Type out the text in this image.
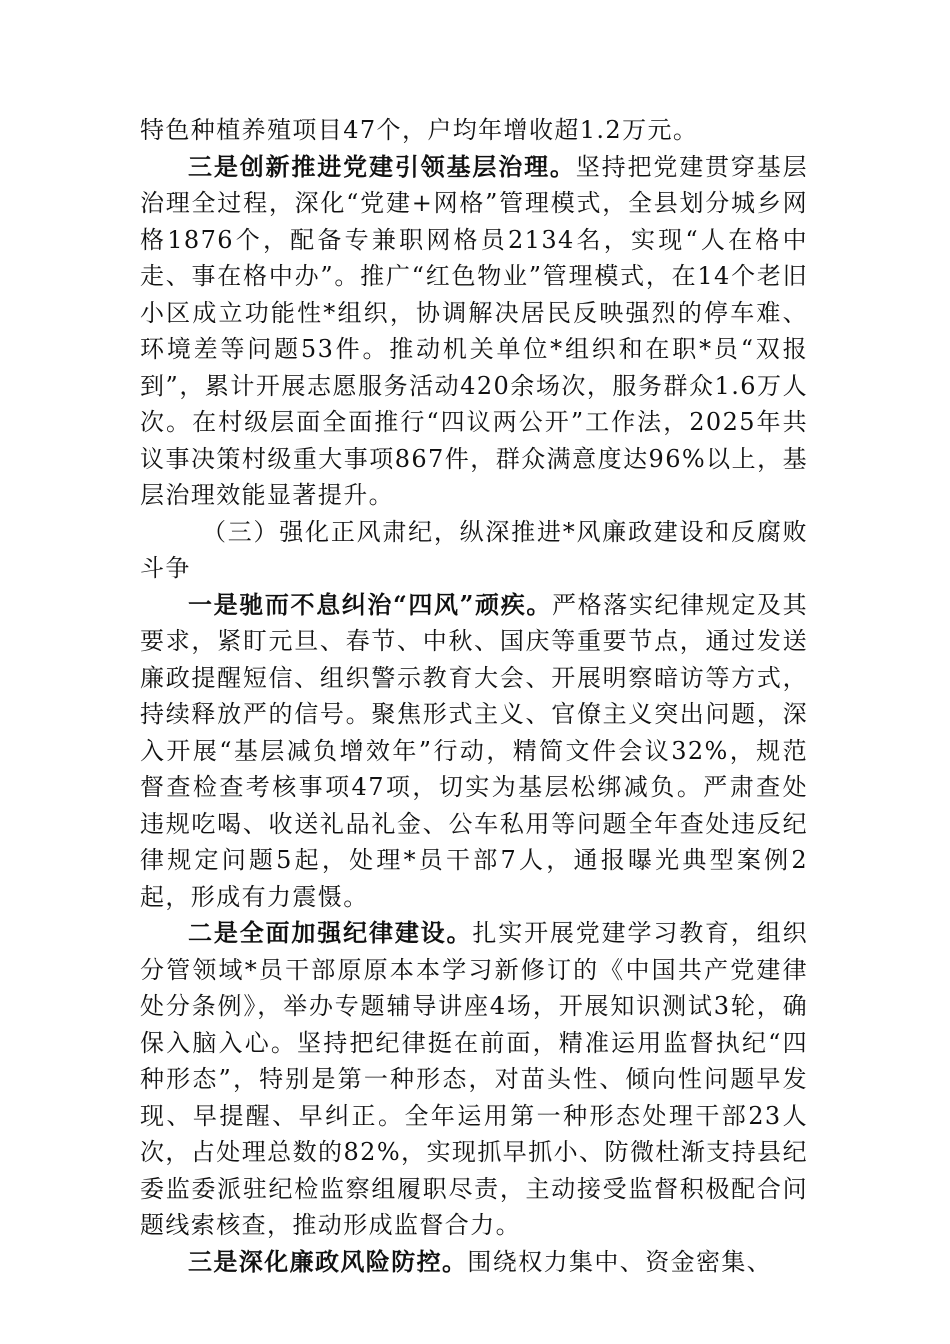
特色种植养殖项目47个，户均年增收超1.2万元。

三是创新推进党建引领基层治理。坚持把党建贯穿基层治理全过程，深化“党建+网格”管理模式，全县划分城乡网格1876个，配备专兼职网格员2134名，实现“人在格中走、事在格中办”。推广“红色物业”管理模式，在14个老旧小区成立功能性*组织，协调解决居民反映强烈的停车难、环境差等问题53件。推动机关单位*组织和在职*员“双报到”，累计开展志愿服务活动420余场次，服务群众1.6万人次。在村级层面全面推行“四议两公开”工作法，2025年共议事决策村级重大事项867件，群众满意度达96%以上，基层治理效能显著提升。

（三）强化正风肃纪，纵深推进*风廉政建设和反腐败斗争

一是驰而不息纠治“四风”顽疾。严格落实纪律规定及其要求，紧盯元旦、春节、中秋、国庆等重要节点，通过发送廉政提醒短信、组织警示教育大会、开展明察暗访等方式，持续释放严的信号。聚焦形式主义、官僚主义突出问题，深入开展“基层减负增效年”行动，精简文件会议32%，规范督查检查考核事项47项，切实为基层松绑减负。严肃查处违规吃喝、收送礼品礼金、公车私用等问题全年查处违反纪律规定问题5起，处理*员干部7人，通报曝光典型案例2起，形成有力震慑。

二是全面加强纪律建设。扎实开展党建学习教育，组织分管领域*员干部原原本本学习新修订的《中国共产党建律处分条例》，举办专题辅导讲座4场，开展知识测试3轮，确保入脑入心。坚持把纪律挺在前面，精准运用监督执纪“四种形态”，特别是第一种形态，对苗头性、倾向性问题早发现、早提醒、早纠正。全年运用第一种形态处理干部23人次，占处理总数的82%，实现抓早抓小、防微杜渐支持县纪委监委派驻纪检监察组履职尽责，主动接受监督积极配合问题线索核查，推动形成监督合力。

三是深化廉政风险防控。围绕权力集中、资金密集、
